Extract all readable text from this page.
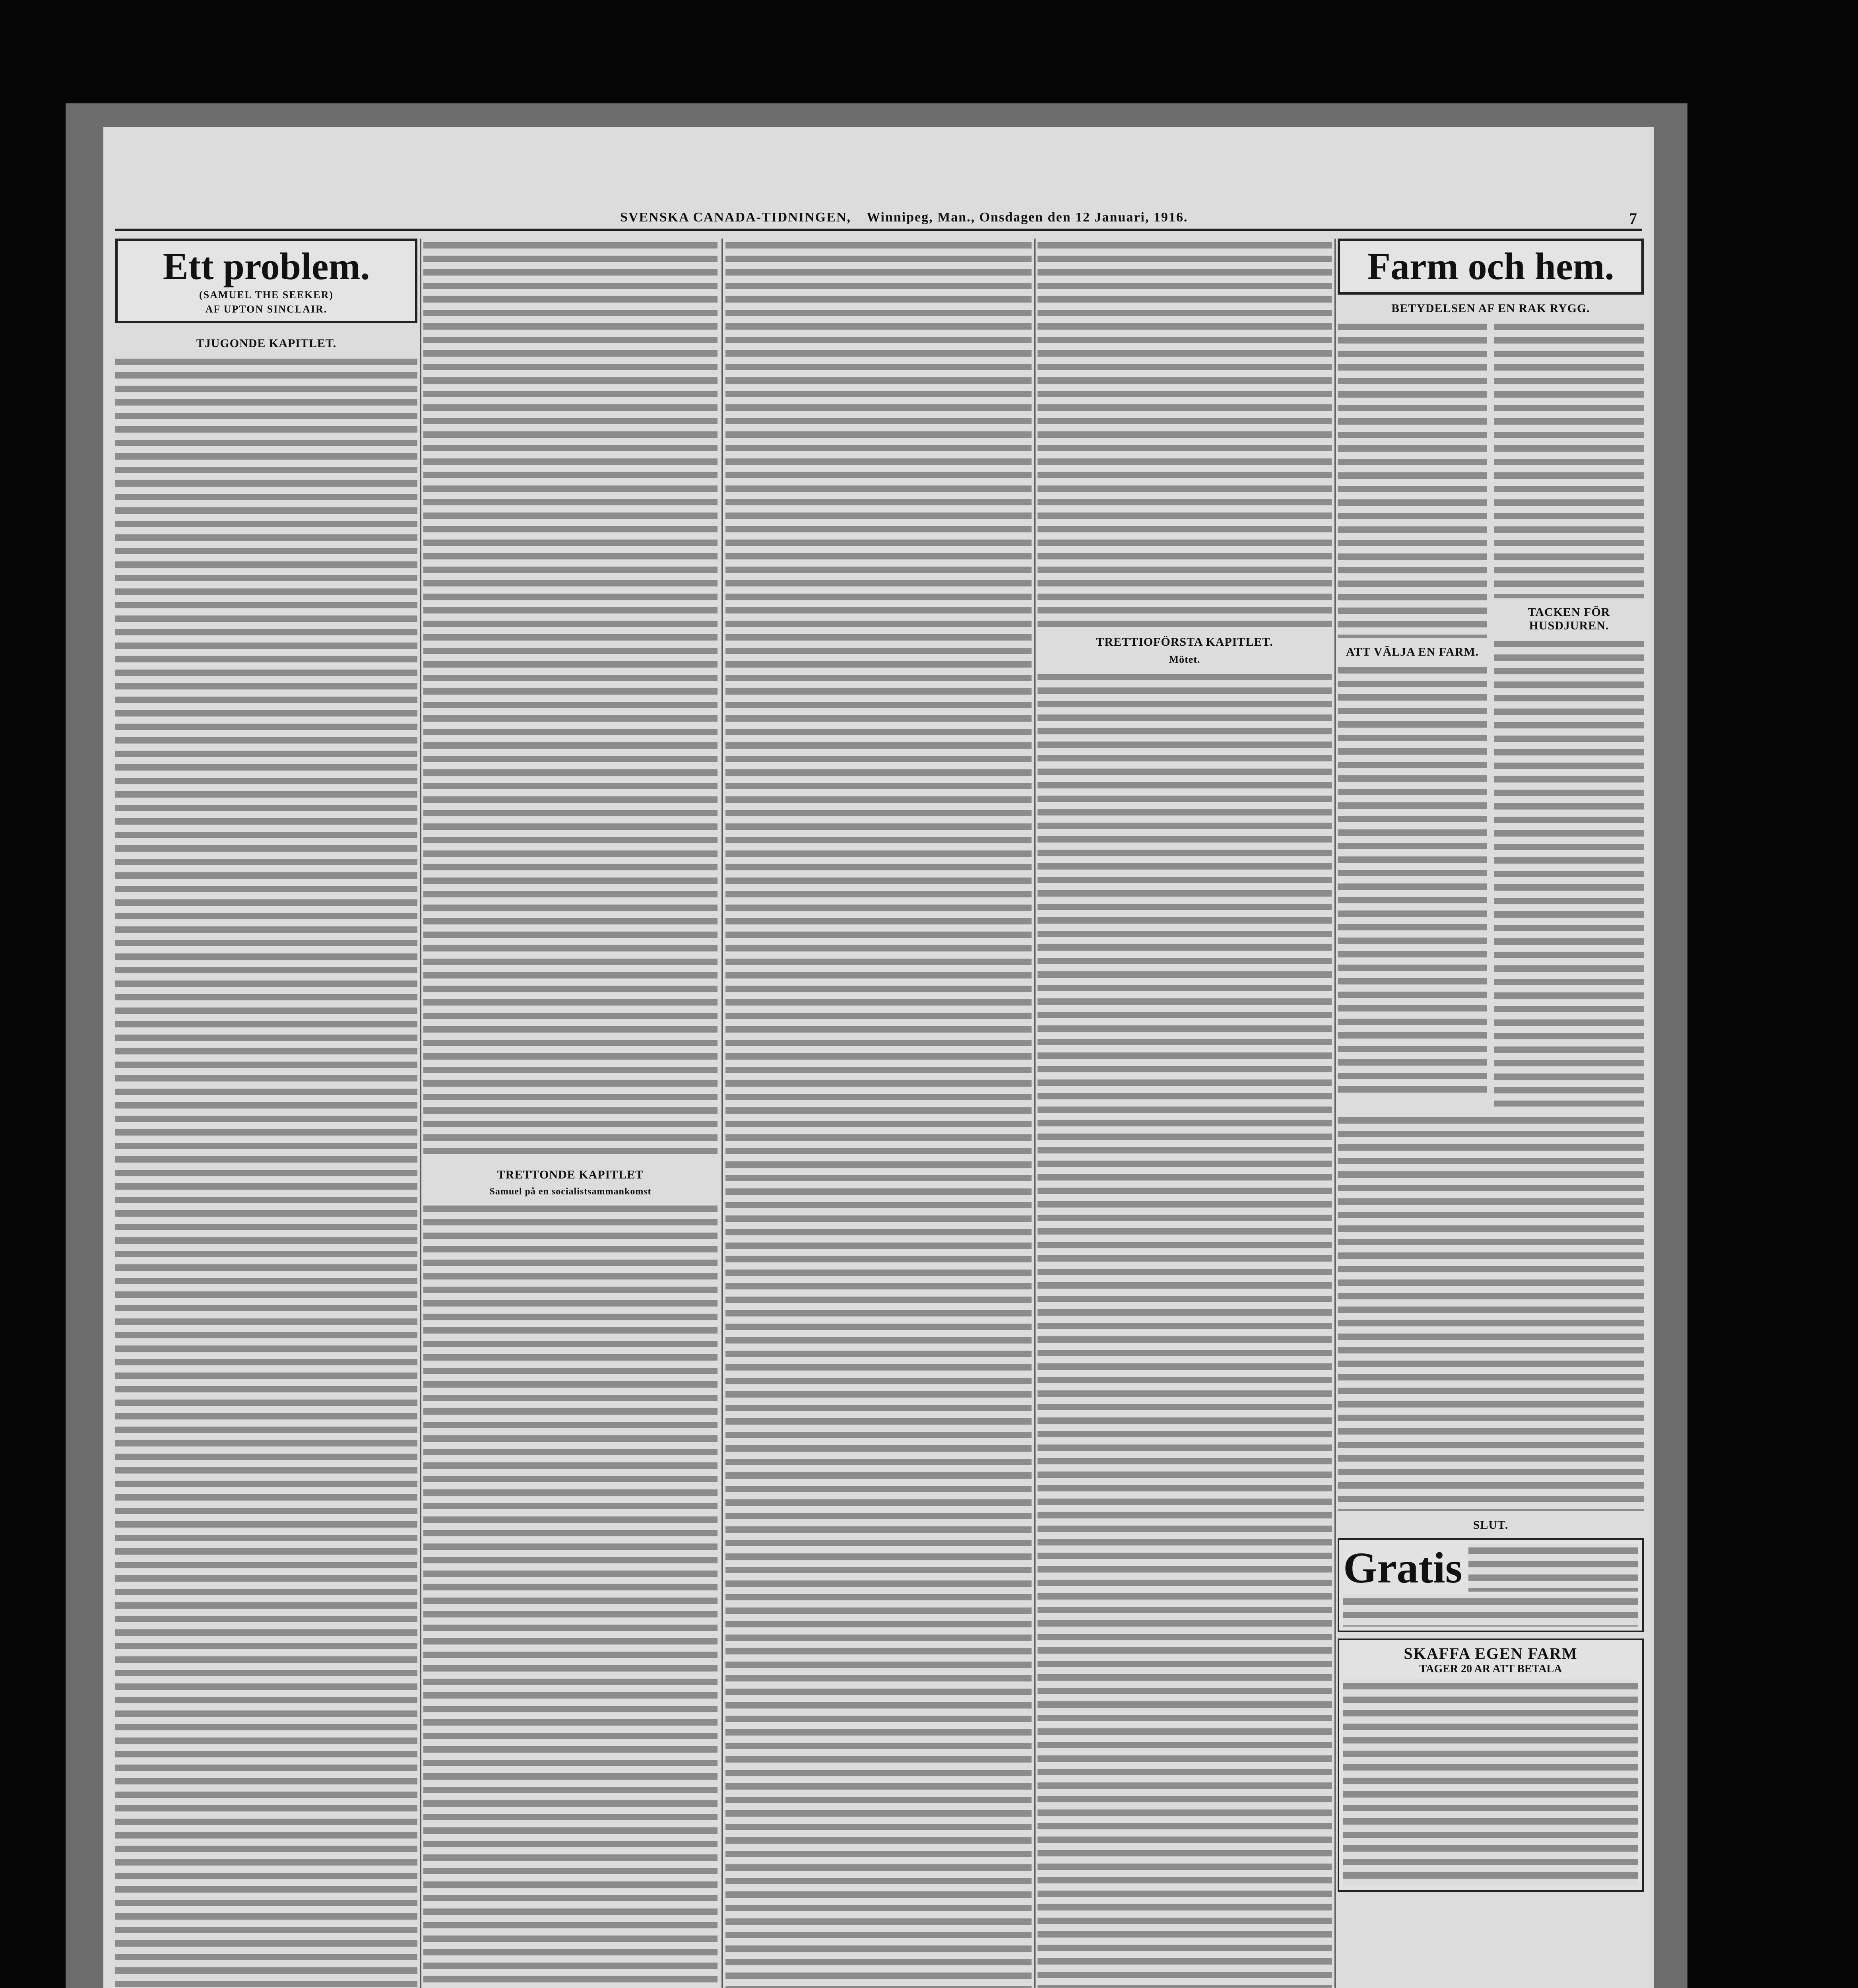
SVENSKA CANADA-TIDNINGEN, Winnipeg, Man., Onsdagen den 12 Januari, 1916.	7
Ett problem.
(SAMUEL THE SEEKER)
AF UPTON SINCLAIR.
TJUGONDE KAPITLET.
TRETTONDE KAPITLET
Samuel på en socialistsammankomst
TRETTIOFÖRSTA KAPITLET.
Mötet.
Farm och hem.
BETYDELSEN AF EN RAK RYGG.
ATT VÄLJA EN FARM.
TACKEN FÖR HUSDJUREN.
SLUT.
Gratis
SKAFFA EGEN FARM
TAGER 20 AR ATT BETALA
